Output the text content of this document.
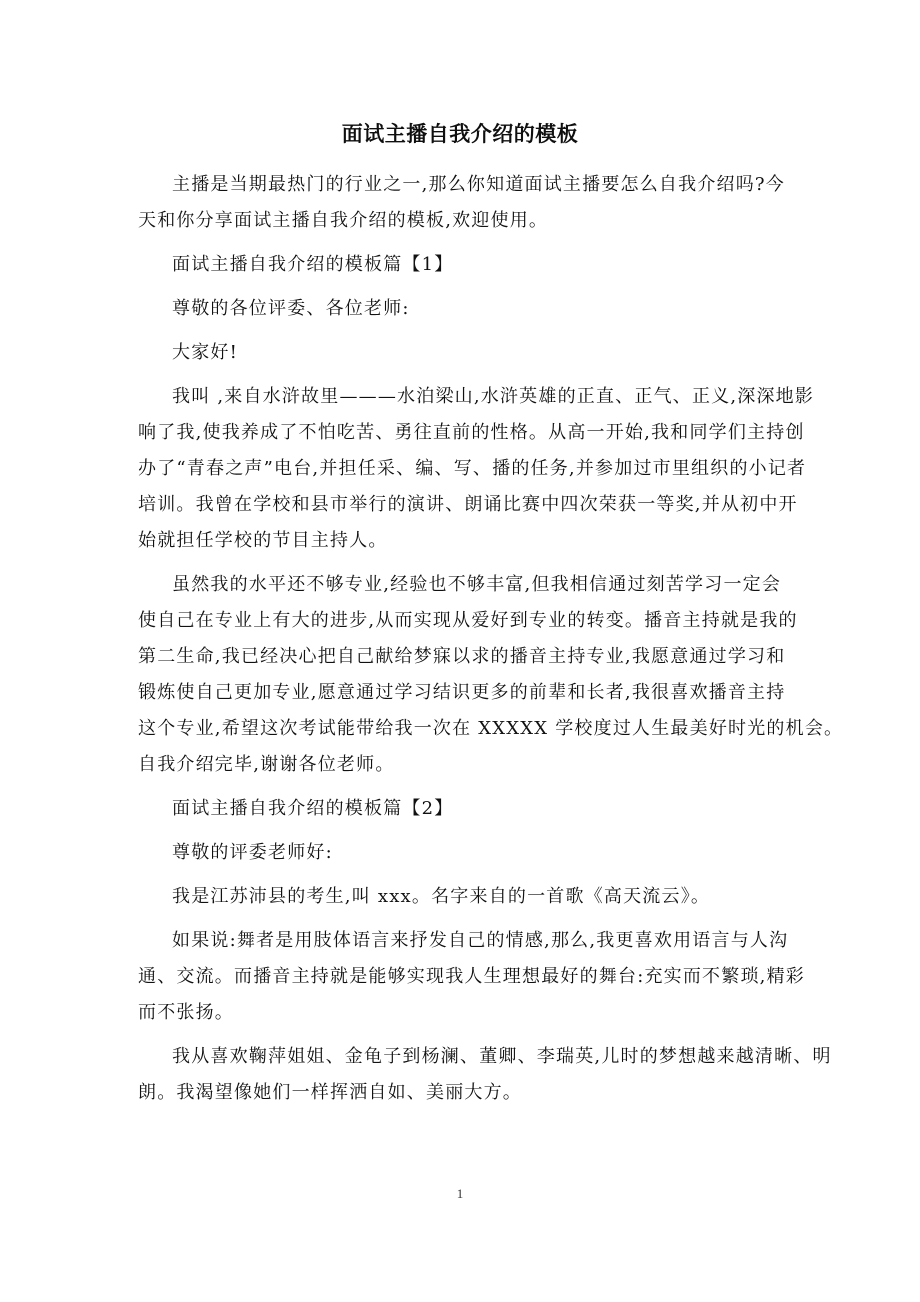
面试主播自我介绍的模板
主播是当期最热门的行业之一,那么你知道面试主播要怎么自我介绍吗?今
天和你分享面试主播自我介绍的模板,欢迎使用。
面试主播自我介绍的模板篇【1】
尊敬的各位评委、各位老师:
大家好!
我叫 ,来自水浒故里———水泊梁山,水浒英雄的正直、正气、正义,深深地影
响了我,使我养成了不怕吃苦、勇往直前的性格。从高一开始,我和同学们主持创
办了“青春之声”电台,并担任采、编、写、播的任务,并参加过市里组织的小记者
培训。我曾在学校和县市举行的演讲、朗诵比赛中四次荣获一等奖,并从初中开
始就担任学校的节目主持人。
虽然我的水平还不够专业,经验也不够丰富,但我相信通过刻苦学习一定会
使自己在专业上有大的进步,从而实现从爱好到专业的转变。播音主持就是我的
第二生命,我已经决心把自己献给梦寐以求的播音主持专业,我愿意通过学习和
锻炼使自己更加专业,愿意通过学习结识更多的前辈和长者,我很喜欢播音主持
这个专业,希望这次考试能带给我一次在 XXXXX 学校度过人生最美好时光的机会。
自我介绍完毕,谢谢各位老师。
面试主播自我介绍的模板篇【2】
尊敬的评委老师好:
我是江苏沛县的考生,叫 xxx。名字来自的一首歌《高天流云》。
如果说:舞者是用肢体语言来抒发自己的情感,那么,我更喜欢用语言与人沟
通、交流。而播音主持就是能够实现我人生理想最好的舞台:充实而不繁琐,精彩
而不张扬。
我从喜欢鞠萍姐姐、金龟子到杨澜、董卿、李瑞英,儿时的梦想越来越清晰、明
朗。我渴望像她们一样挥洒自如、美丽大方。
1
